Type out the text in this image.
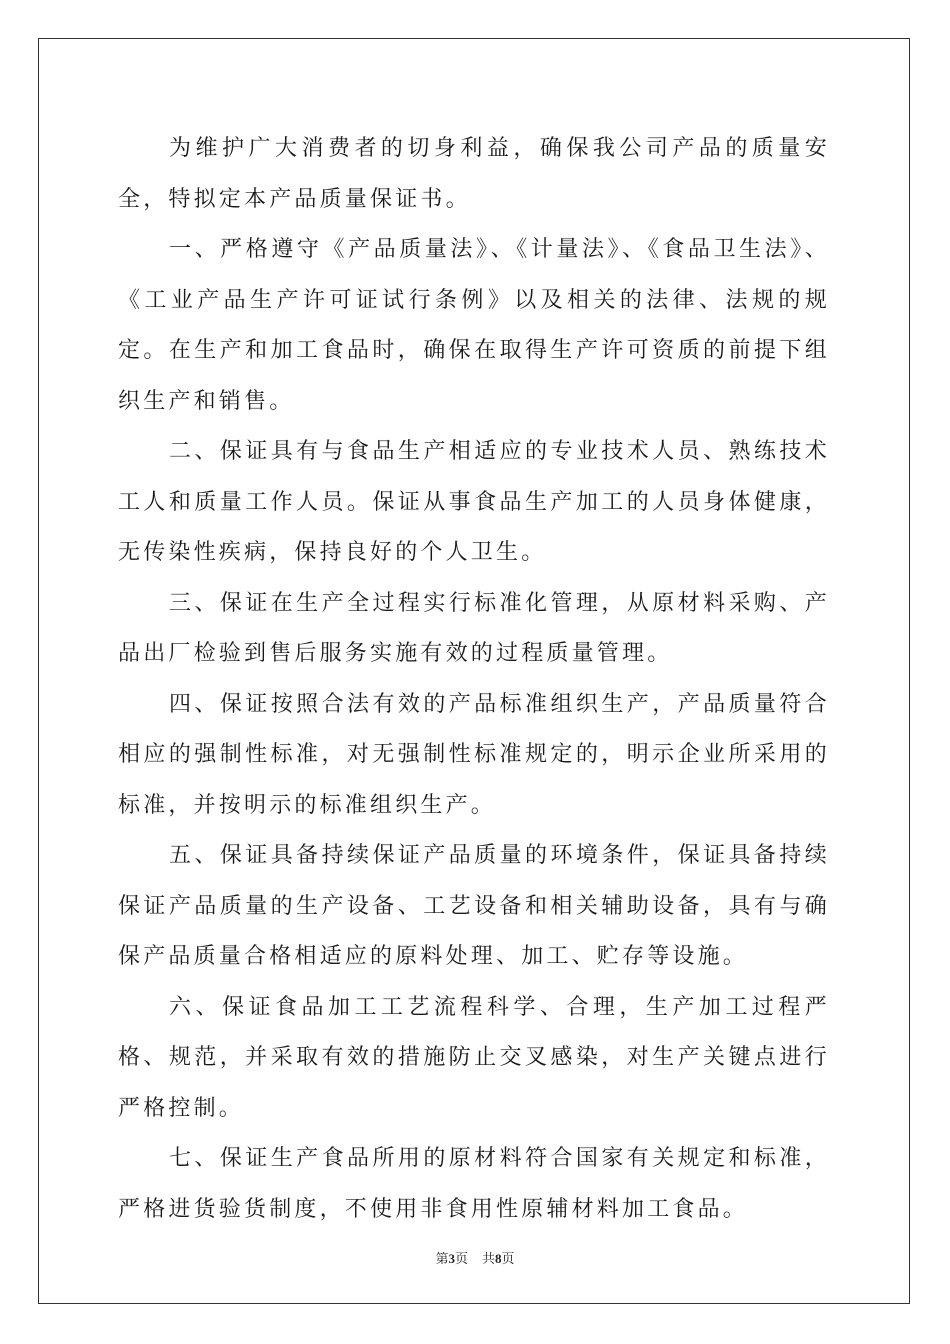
为维护广大消费者的切身利益，确保我公司产品的质量安全，特拟定本产品质量保证书。

一、严格遵守《产品质量法》、《计量法》、《食品卫生法》、《工业产品生产许可证试行条例》以及相关的法律、法规的规定。在生产和加工食品时，确保在取得生产许可资质的前提下组织生产和销售。

二、保证具有与食品生产相适应的专业技术人员、熟练技术工人和质量工作人员。保证从事食品生产加工的人员身体健康，无传染性疾病，保持良好的个人卫生。

三、保证在生产全过程实行标准化管理，从原材料采购、产品出厂检验到售后服务实施有效的过程质量管理。

四、保证按照合法有效的产品标准组织生产，产品质量符合相应的强制性标准，对无强制性标准规定的，明示企业所采用的标准，并按明示的标准组织生产。

五、保证具备持续保证产品质量的环境条件，保证具备持续保证产品质量的生产设备、工艺设备和相关辅助设备，具有与确保产品质量合格相适应的原料处理、加工、贮存等设施。

六、保证食品加工工艺流程科学、合理，生产加工过程严格、规范，并采取有效的措施防止交叉感染，对生产关键点进行严格控制。

七、保证生产食品所用的原材料符合国家有关规定和标准，严格进货验货制度，不使用非食用性原辅材料加工食品。

第3页 共8页
